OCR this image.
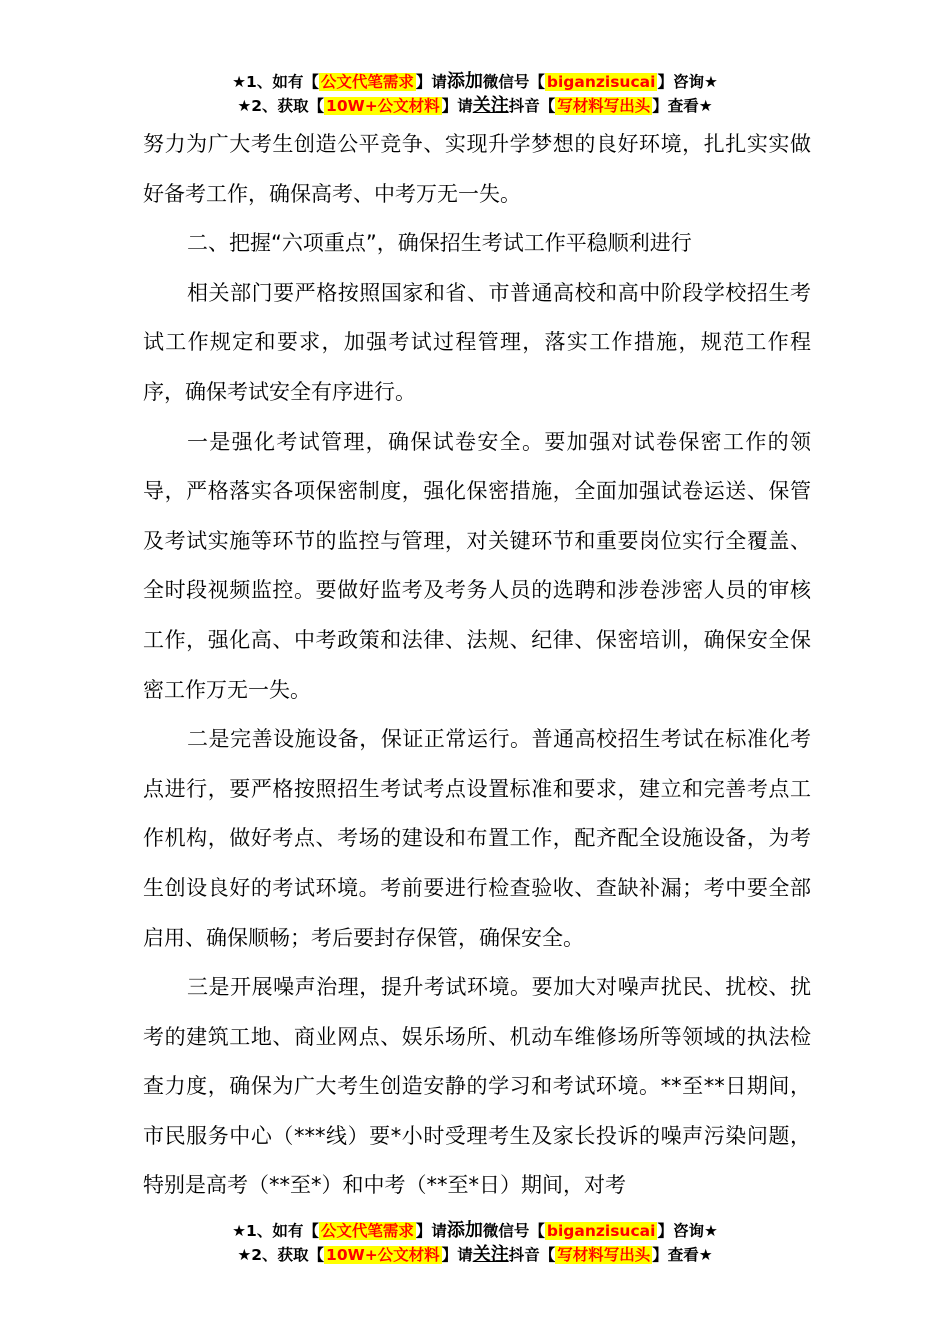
★1、如有【 公文代笔需求 】请添加微信号【 biganzisucai 】咨询★
★2、获取【 10W+公文材料 】请关注抖音【 写材料写出头 】查看★

努力为广大考生创造公平竞争、实现升学梦想的良好环境，扎扎实实做好备考工作，确保高考、中考万无一失。

二、把握“六项重点”，确保招生考试工作平稳顺利进行

相关部门要严格按照国家和省、市普通高校和高中阶段学校招生考试工作规定和要求，加强考试过程管理，落实工作措施，规范工作程序，确保考试安全有序进行。

一是强化考试管理，确保试卷安全。要加强对试卷保密工作的领导，严格落实各项保密制度，强化保密措施，全面加强试卷运送、保管及考试实施等环节的监控与管理，对关键环节和重要岗位实行全覆盖、全时段视频监控。要做好监考及考务人员的选聘和涉卷涉密人员的审核工作，强化高、中考政策和法律、法规、纪律、保密培训，确保安全保密工作万无一失。

二是完善设施设备，保证正常运行。普通高校招生考试在标准化考点进行，要严格按照招生考试考点设置标准和要求，建立和完善考点工作机构，做好考点、考场的建设和布置工作，配齐配全设施设备，为考生创设良好的考试环境。考前要进行检查验收、查缺补漏；考中要全部启用、确保顺畅；考后要封存保管，确保安全。

三是开展噪声治理，提升考试环境。要加大对噪声扰民、扰校、扰考的建筑工地、商业网点、娱乐场所、机动车维修场所等领域的执法检查力度，确保为广大考生创造安静的学习和考试环境。**至**日期间，市民服务中心（***线）要*小时受理考生及家长投诉的噪声污染问题，特别是高考（**至*）和中考（**至*日）期间，对考

★1、如有【 公文代笔需求 】请添加微信号【 biganzisucai 】咨询★
★2、获取【 10W+公文材料 】请关注抖音【 写材料写出头 】查看★
